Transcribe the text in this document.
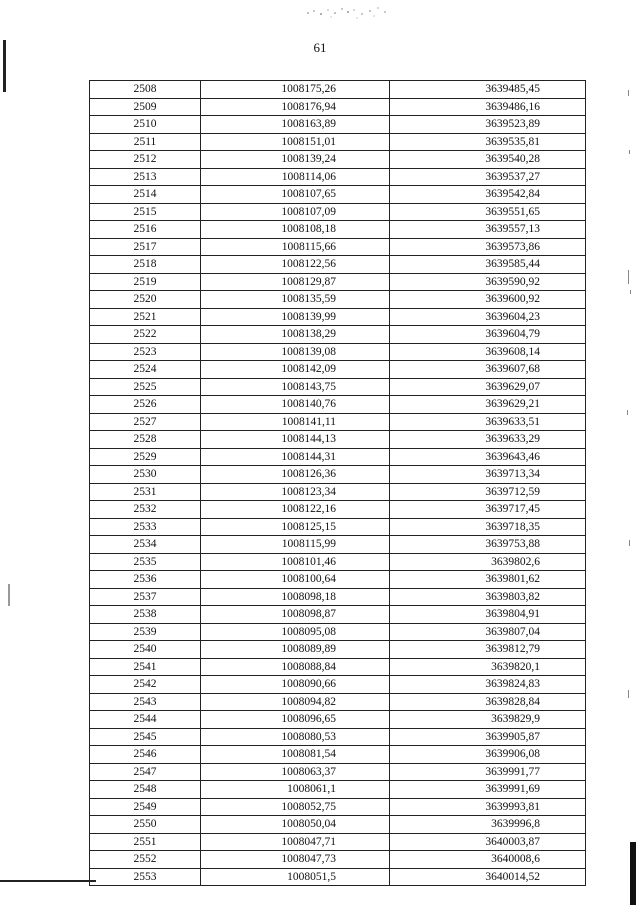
61
2508	1008175,26	3639485,45
2509	1008176,94	3639486,16
2510	1008163,89	3639523,89
2511	1008151,01	3639535,81
2512	1008139,24	3639540,28
2513	1008114,06	3639537,27
2514	1008107,65	3639542,84
2515	1008107,09	3639551,65
2516	1008108,18	3639557,13
2517	1008115,66	3639573,86
2518	1008122,56	3639585,44
2519	1008129,87	3639590,92
2520	1008135,59	3639600,92
2521	1008139,99	3639604,23
2522	1008138,29	3639604,79
2523	1008139,08	3639608,14
2524	1008142,09	3639607,68
2525	1008143,75	3639629,07
2526	1008140,76	3639629,21
2527	1008141,11	3639633,51
2528	1008144,13	3639633,29
2529	1008144,31	3639643,46
2530	1008126,36	3639713,34
2531	1008123,34	3639712,59
2532	1008122,16	3639717,45
2533	1008125,15	3639718,35
2534	1008115,99	3639753,88
2535	1008101,46	3639802,6
2536	1008100,64	3639801,62
2537	1008098,18	3639803,82
2538	1008098,87	3639804,91
2539	1008095,08	3639807,04
2540	1008089,89	3639812,79
2541	1008088,84	3639820,1
2542	1008090,66	3639824,83
2543	1008094,82	3639828,84
2544	1008096,65	3639829,9
2545	1008080,53	3639905,87
2546	1008081,54	3639906,08
2547	1008063,37	3639991,77
2548	1008061,1	3639991,69
2549	1008052,75	3639993,81
2550	1008050,04	3639996,8
2551	1008047,71	3640003,87
2552	1008047,73	3640008,6
2553	1008051,5	3640014,52
